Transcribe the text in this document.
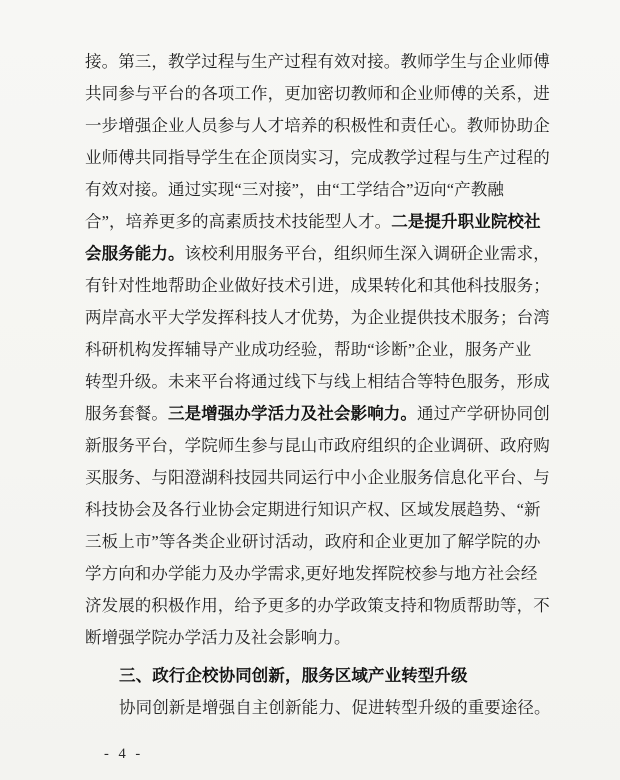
接。第三，教学过程与生产过程有效对接。教师学生与企业师傅
共同参与平台的各项工作，更加密切教师和企业师傅的关系，进
一步增强企业人员参与人才培养的积极性和责任心。教师协助企
业师傅共同指导学生在企顶岗实习，完成教学过程与生产过程的
有效对接。通过实现“三对接”，由“工学结合”迈向“产教融
合”，培养更多的高素质技术技能型人才。二是提升职业院校社
会服务能力。该校利用服务平台，组织师生深入调研企业需求，
有针对性地帮助企业做好技术引进，成果转化和其他科技服务；
两岸高水平大学发挥科技人才优势，为企业提供技术服务；台湾
科研机构发挥辅导产业成功经验，帮助“诊断”企业，服务产业
转型升级。未来平台将通过线下与线上相结合等特色服务，形成
服务套餐。三是增强办学活力及社会影响力。通过产学研协同创
新服务平台，学院师生参与昆山市政府组织的企业调研、政府购
买服务、与阳澄湖科技园共同运行中小企业服务信息化平台、与
科技协会及各行业协会定期进行知识产权、区域发展趋势、“新
三板上市”等各类企业研讨活动，政府和企业更加了解学院的办
学方向和办学能力及办学需求,更好地发挥院校参与地方社会经
济发展的积极作用，给予更多的办学政策支持和物质帮助等，不
断增强学院办学活力及社会影响力。
三、政行企校协同创新，服务区域产业转型升级
协同创新是增强自主创新能力、促进转型升级的重要途径。
- 4 -
